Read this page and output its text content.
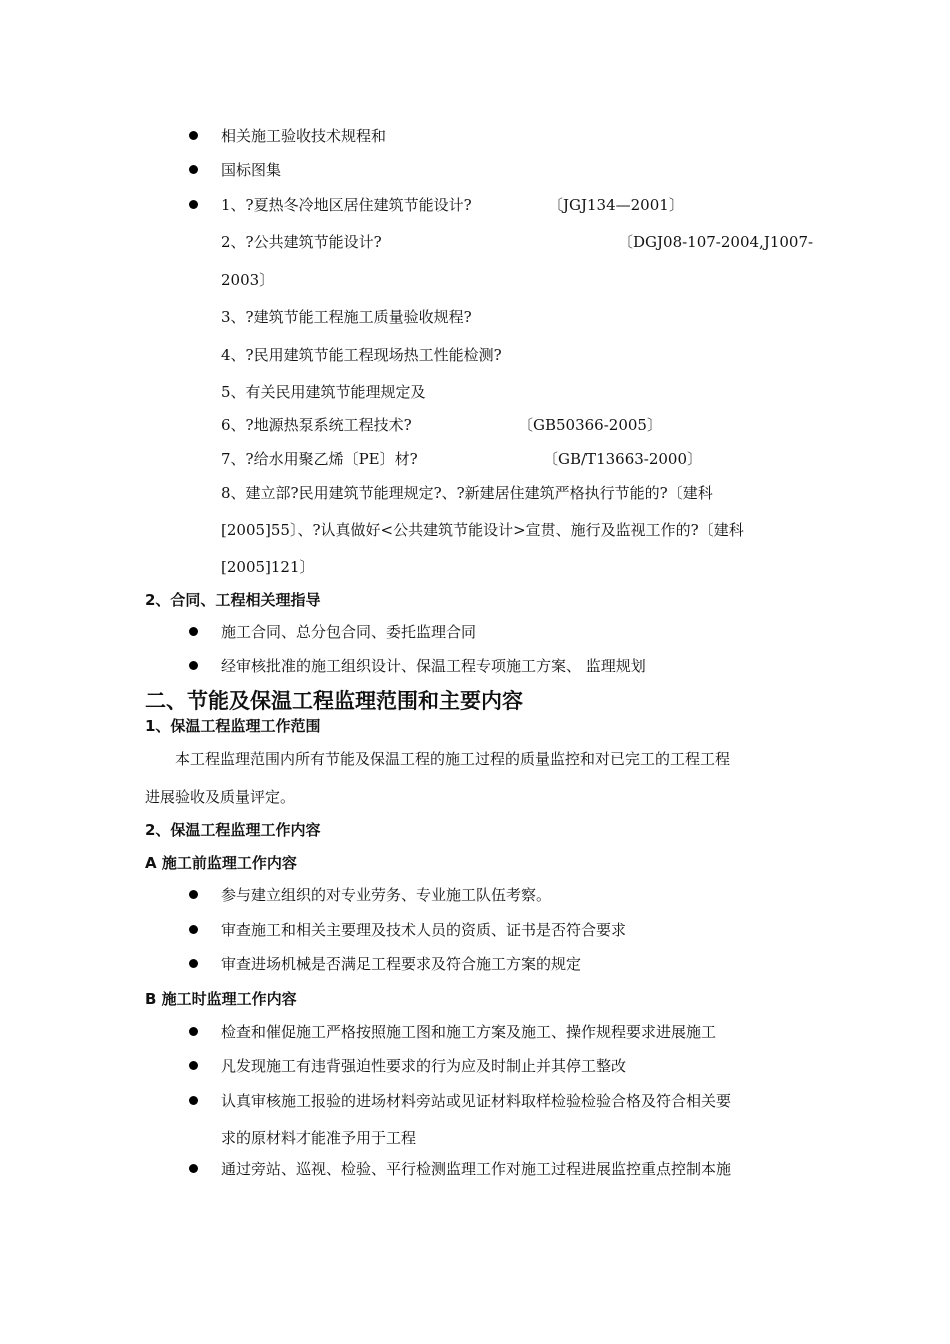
相关施工验收技术规程和
国标图集
1、?夏热冬冷地区居住建筑节能设计?	〔JGJ134—2001〕
2、?公共建筑节能设计?	〔DGJ08-107-2004,J1007-
2003〕
3、?建筑节能工程施工质量验收规程?
4、?民用建筑节能工程现场热工性能检测?
5、有关民用建筑节能理规定及
6、?地源热泵系统工程技术?	〔GB50366-2005〕
7、?给水用聚乙烯〔PE〕材?	〔GB/T13663-2000〕
8、建立部?民用建筑节能理规定?、?新建居住建筑严格执行节能的?〔建科
[2005]55〕、?认真做好<公共建筑节能设计>宣贯、施行及监视工作的?〔建科
[2005]121〕
2、合同、工程相关理指导
施工合同、总分包合同、委托监理合同
经审核批准的施工组织设计、保温工程专项施工方案、 监理规划
二、节能及保温工程监理范围和主要内容
1、保温工程监理工作范围
本工程监理范围内所有节能及保温工程的施工过程的质量监控和对已完工的工程工程
进展验收及质量评定。
2、保温工程监理工作内容
A 施工前监理工作内容
参与建立组织的对专业劳务、专业施工队伍考察。
审查施工和相关主要理及技术人员的资质、证书是否符合要求
审查进场机械是否满足工程要求及符合施工方案的规定
B 施工时监理工作内容
检查和催促施工严格按照施工图和施工方案及施工、操作规程要求进展施工
凡发现施工有违背强迫性要求的行为应及时制止并其停工整改
认真审核施工报验的进场材料旁站或见证材料取样检验检验合格及符合相关要
求的原材料才能准予用于工程
通过旁站、巡视、检验、平行检测监理工作对施工过程进展监控重点控制本施
